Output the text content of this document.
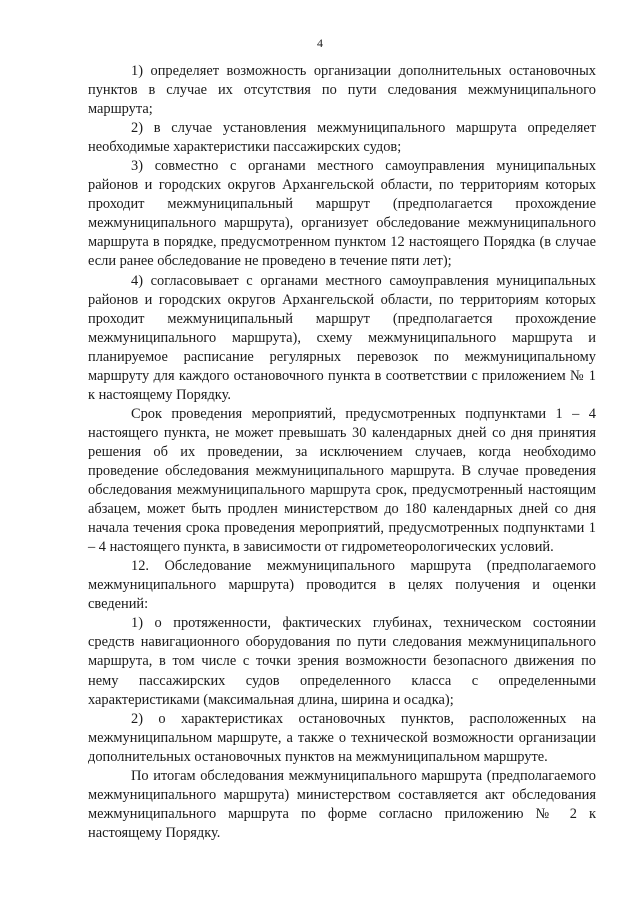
4

1) определяет возможность организации дополнительных остановочных пунктов в случае их отсутствия по пути следования межмуниципального маршрута;

2) в случае установления межмуниципального маршрута определяет необходимые характеристики пассажирских судов;

3) совместно с органами местного самоуправления муниципальных районов и городских округов Архангельской области, по территориям которых проходит межмуниципальный маршрут (предполагается прохождение межмуниципального маршрута), организует обследование межмуниципального маршрута в порядке, предусмотренном пунктом 12 настоящего Порядка (в случае если ранее обследование не проведено в течение пяти лет);

4) согласовывает с органами местного самоуправления муниципальных районов и городских округов Архангельской области, по территориям которых проходит межмуниципальный маршрут (предполагается прохождение межмуниципального маршрута), схему межмуниципального маршрута и планируемое расписание регулярных перевозок по межмуниципальному маршруту для каждого остановочного пункта в соответствии с приложением № 1 к настоящему Порядку.

Срок проведения мероприятий, предусмотренных подпунктами 1 – 4 настоящего пункта, не может превышать 30 календарных дней со дня принятия решения об их проведении, за исключением случаев, когда необходимо проведение обследования межмуниципального маршрута. В случае проведения обследования межмуниципального маршрута срок, предусмотренный настоящим абзацем, может быть продлен министерством до 180 календарных дней со дня начала течения срока проведения мероприятий, предусмотренных подпунктами 1 – 4 настоящего пункта, в зависимости от гидрометеорологических условий.

12. Обследование межмуниципального маршрута (предполагаемого межмуниципального маршрута) проводится в целях получения и оценки сведений:

1) о протяженности, фактических глубинах, техническом состоянии средств навигационного оборудования по пути следования межмуниципального маршрута, в том числе с точки зрения возможности безопасного движения по нему пассажирских судов определенного класса с определенными характеристиками (максимальная длина, ширина и осадка);

2) о характеристиках остановочных пунктов, расположенных на межмуниципальном маршруте, а также о технической возможности организации дополнительных остановочных пунктов на межмуниципальном маршруте.

По итогам обследования межмуниципального маршрута (предполагаемого межмуниципального маршрута) министерством составляется акт обследования межмуниципального маршрута по форме согласно приложению № 2 к настоящему Порядку.
